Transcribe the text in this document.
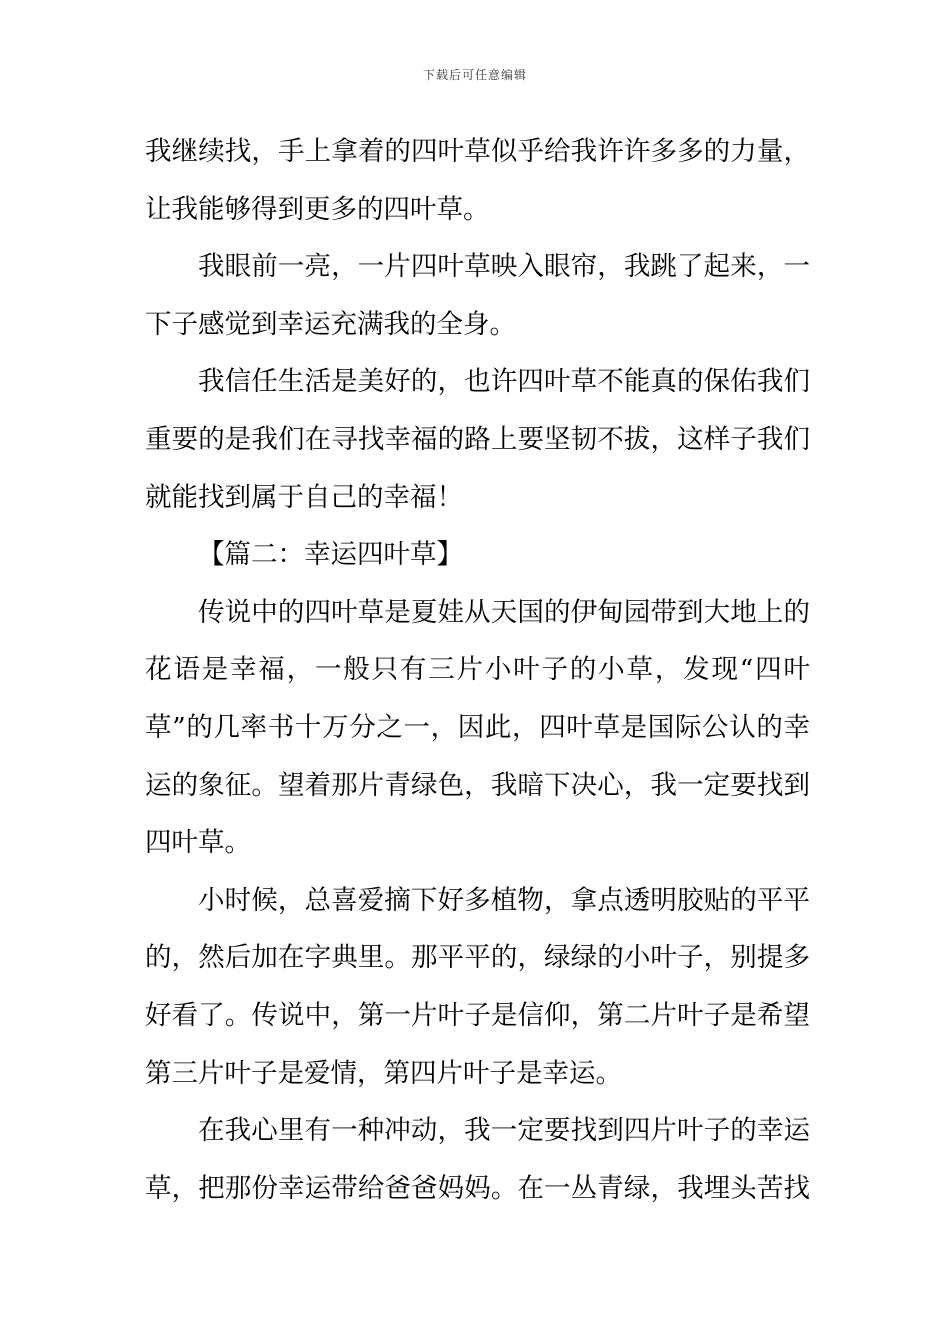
下载后可任意编辑
我继续找，手上拿着的四叶草似乎给我许许多多的力量，
让我能够得到更多的四叶草。
我眼前一亮，一片四叶草映入眼帘，我跳了起来，一
下子感觉到幸运充满我的全身。
我信任生活是美好的，也许四叶草不能真的保佑我们
重要的是我们在寻找幸福的路上要坚韧不拔，这样子我们
就能找到属于自己的幸福！
【篇二：幸运四叶草】
传说中的四叶草是夏娃从天国的伊甸园带到大地上的
花语是幸福，一般只有三片小叶子的小草，发现“四叶
草”的几率书十万分之一，因此，四叶草是国际公认的幸
运的象征。望着那片青绿色，我暗下决心，我一定要找到
四叶草。
小时候，总喜爱摘下好多植物，拿点透明胶贴的平平
的，然后加在字典里。那平平的，绿绿的小叶子，别提多
好看了。传说中，第一片叶子是信仰，第二片叶子是希望
第三片叶子是爱情，第四片叶子是幸运。
在我心里有一种冲动，我一定要找到四片叶子的幸运
草，把那份幸运带给爸爸妈妈。在一丛青绿，我埋头苦找
